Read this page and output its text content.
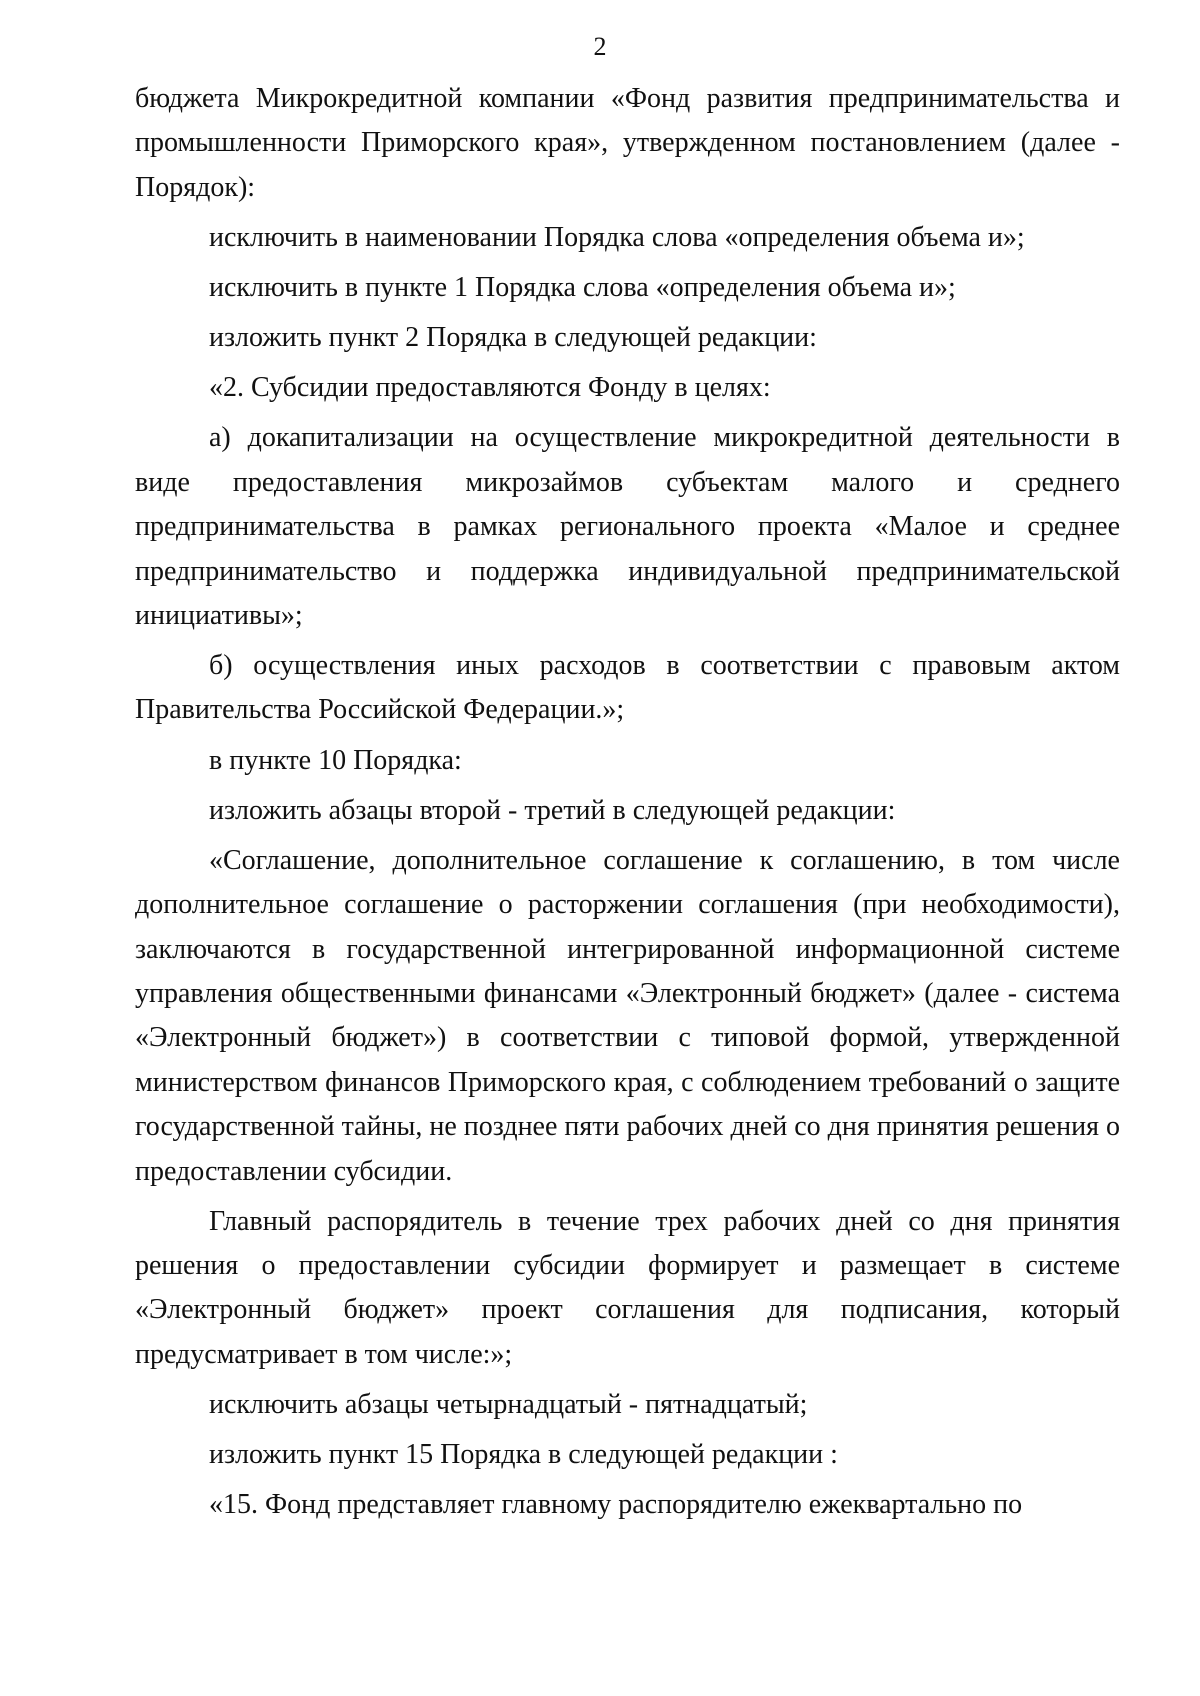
2

бюджета Микрокредитной компании «Фонд развития предпринимательства и промышленности Приморского края», утвержденном постановлением (далее - Порядок):

исключить в наименовании Порядка слова «определения объема и»;

исключить в пункте 1 Порядка слова «определения объема и»;

изложить пункт 2 Порядка в следующей редакции:

«2. Субсидии предоставляются Фонду в целях:

а) докапитализации на осуществление микрокредитной деятельности в виде предоставления микрозаймов субъектам малого и среднего предпринимательства в рамках регионального проекта «Малое и среднее предпринимательство и поддержка индивидуальной предпринимательской инициативы»;

б) осуществления иных расходов в соответствии с правовым актом Правительства Российской Федерации.»;

в пункте 10 Порядка:

изложить абзацы второй - третий в следующей редакции:

«Соглашение, дополнительное соглашение к соглашению, в том числе дополнительное соглашение о расторжении соглашения (при необходимости), заключаются в государственной интегрированной информационной системе управления общественными финансами «Электронный бюджет» (далее - система «Электронный бюджет») в соответствии с типовой формой, утвержденной министерством финансов Приморского края, с соблюдением требований о защите государственной тайны, не позднее пяти рабочих дней со дня принятия решения о предоставлении субсидии.

Главный распорядитель в течение трех рабочих дней со дня принятия решения о предоставлении субсидии формирует и размещает в системе «Электронный бюджет» проект соглашения для подписания, который предусматривает в том числе:»;

исключить абзацы четырнадцатый - пятнадцатый;

изложить пункт 15 Порядка в следующей редакции :

«15. Фонд представляет главному распорядителю ежеквартально по
